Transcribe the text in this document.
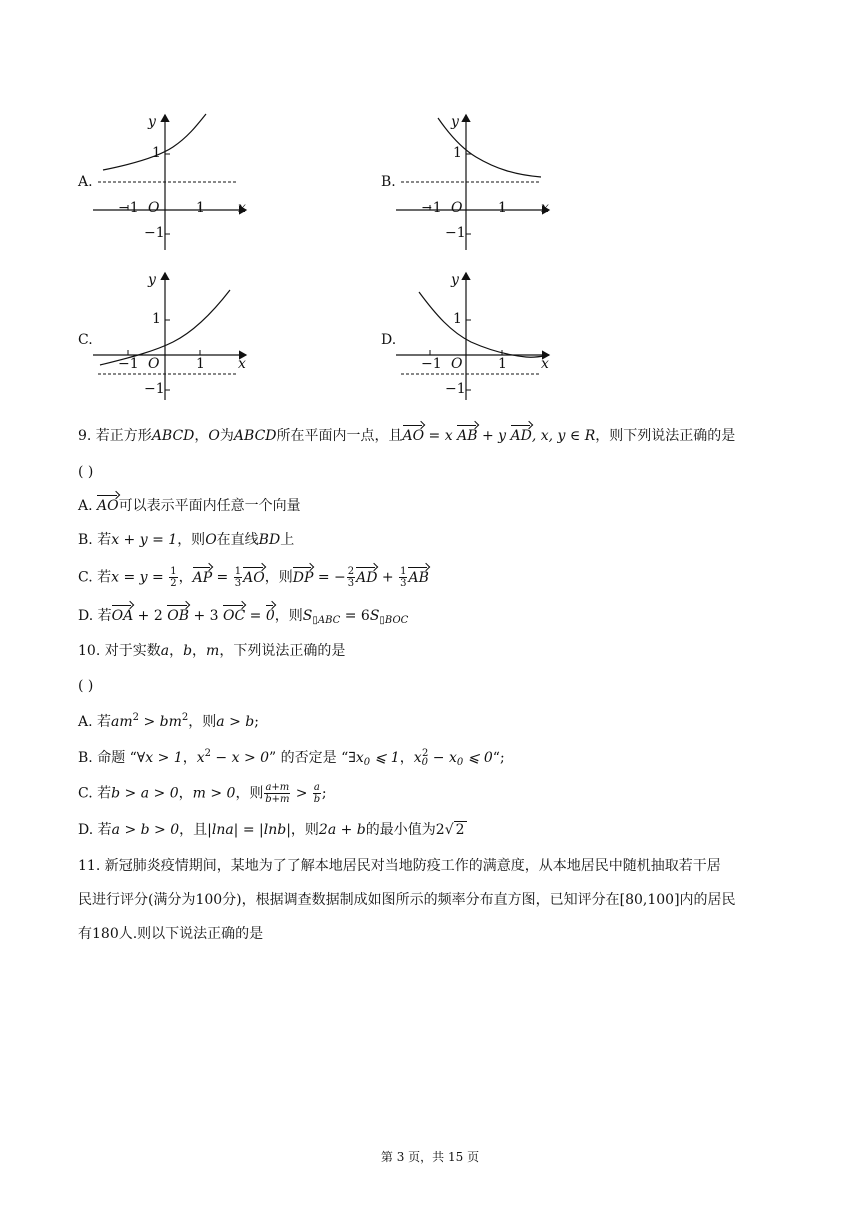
A.
y
x
O
−1	1
1
−1
B.
y
x
O
−1	1
1
−1
C.
y
x
O
−1	1
1
−1
D.
y
x
O
−1	1
1
−1
9. 若正方形ABCD，O为ABCD所在平面内一点，且AO = x AB + y AD, x, y ∈ R，则下列说法正确的是
( )
A. AO可以表示平面内任意一个向量
B. 若x + y = 1，则O在直线BD上
C. 若$x = y = \frac{1}{2}$ ，AP = $\frac{1}{3}$ AO，则DP = − $\frac{2}{3}$ AD + $\frac{1}{3}$ AB
D. 若OA + 2 OB + 3 OC = 0，则$S_{▯ABC} = 6S_{▯BOC}$
10. 对于实数a，b，m，下列说法正确的是
( )
A. 若$am^2 > bm^2$，则a > b;
B. 命题 “∀x > 1，$x^2 - x > 0$” 的否定是 “$\exists x_0$ ⩽ 1，$x_0^2 - x_0$ ⩽ 0“;
C. 若b > a > 0，m > 0，则 $\frac{a+m}{b+m} > \frac{a}{b}$ ;
D. 若a > b > 0，且|lna| = |lnb|，则2a + b的最小值为2√ 2
11. 新冠肺炎疫情期间，某地为了了解本地居民对当地防疫工作的满意度，从本地居民中随机抽取若干居
民进行评分(满分为100分)，根据调查数据制成如图所示的频率分布直方图，已知评分在[80,100]内的居民
有180人.则以下说法正确的是
第 3 页，共 15 页
